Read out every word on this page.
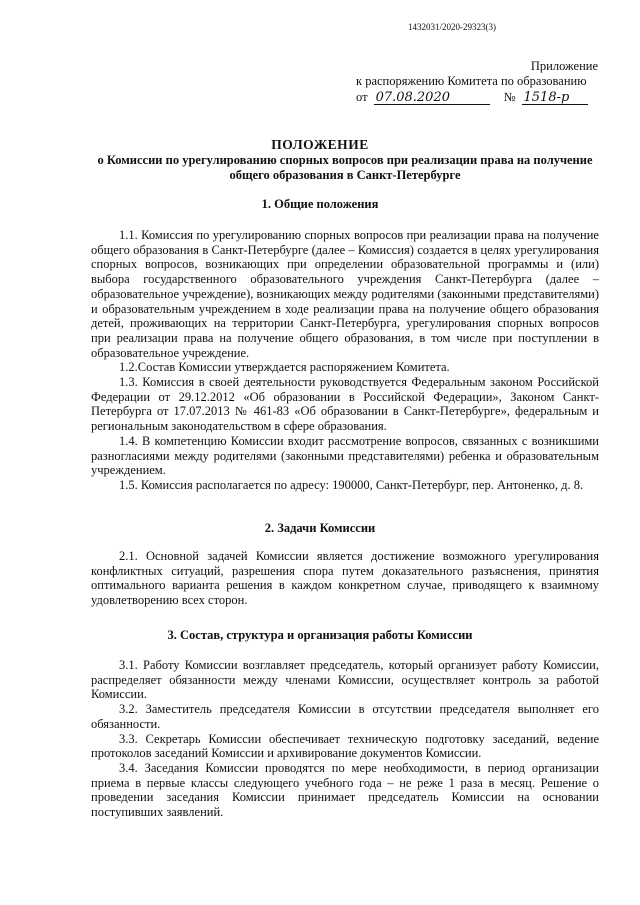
1432031/2020-29323(3)
Приложение
к распоряжению Комитета по образованию
от 07.08.2020	№ 1518-р
ПОЛОЖЕНИЕ
о Комиссии по урегулированию спорных вопросов при реализации права на получение общего образования в Санкт-Петербурге
1. Общие положения

1.1. Комиссия по урегулированию спорных вопросов при реализации права на получение общего образования в Санкт-Петербурге (далее – Комиссия) создается в целях урегулирования спорных вопросов, возникающих при определении образовательной программы и (или) выбора государственного образовательного учреждения Санкт-Петербурга (далее – образовательное учреждение), возникающих между родителями (законными представителями) и образовательным учреждением в ходе реализации права на получение общего образования детей, проживающих на территории Санкт-Петербурга, урегулирования спорных вопросов при реализации права на получение общего образования, в том числе при поступлении в образовательное учреждение.

1.2.Состав Комиссии утверждается распоряжением Комитета.

1.3. Комиссия в своей деятельности руководствуется Федеральным законом Российской Федерации от 29.12.2012 «Об образовании в Российской Федерации», Законом Санкт-Петербурга от 17.07.2013 № 461-83 «Об образовании в Санкт-Петербурге», федеральным и региональным законодательством в сфере образования.

1.4. В компетенцию Комиссии входит рассмотрение вопросов, связанных с возникшими разногласиями между родителями (законными представителями) ребенка и образовательным учреждением.

1.5. Комиссия располагается по адресу: 190000, Санкт-Петербург, пер. Антоненко, д. 8.

2. Задачи Комиссии

2.1. Основной задачей Комиссии является достижение возможного урегулирования конфликтных ситуаций, разрешения спора путем доказательного разъяснения, принятия оптимального варианта решения в каждом конкретном случае, приводящего к взаимному удовлетворению всех сторон.

3. Состав, структура и организация работы Комиссии

3.1. Работу Комиссии возглавляет председатель, который организует работу Комиссии, распределяет обязанности между членами Комиссии, осуществляет контроль за работой Комиссии.

3.2. Заместитель председателя Комиссии в отсутствии председателя выполняет его обязанности.

3.3. Секретарь Комиссии обеспечивает техническую подготовку заседаний, ведение протоколов заседаний Комиссии и архивирование документов Комиссии.

3.4. Заседания Комиссии проводятся по мере необходимости, в период организации приема в первые классы следующего учебного года – не реже 1 раза в месяц. Решение о проведении заседания Комиссии принимает председатель Комиссии на основании поступивших заявлений.
